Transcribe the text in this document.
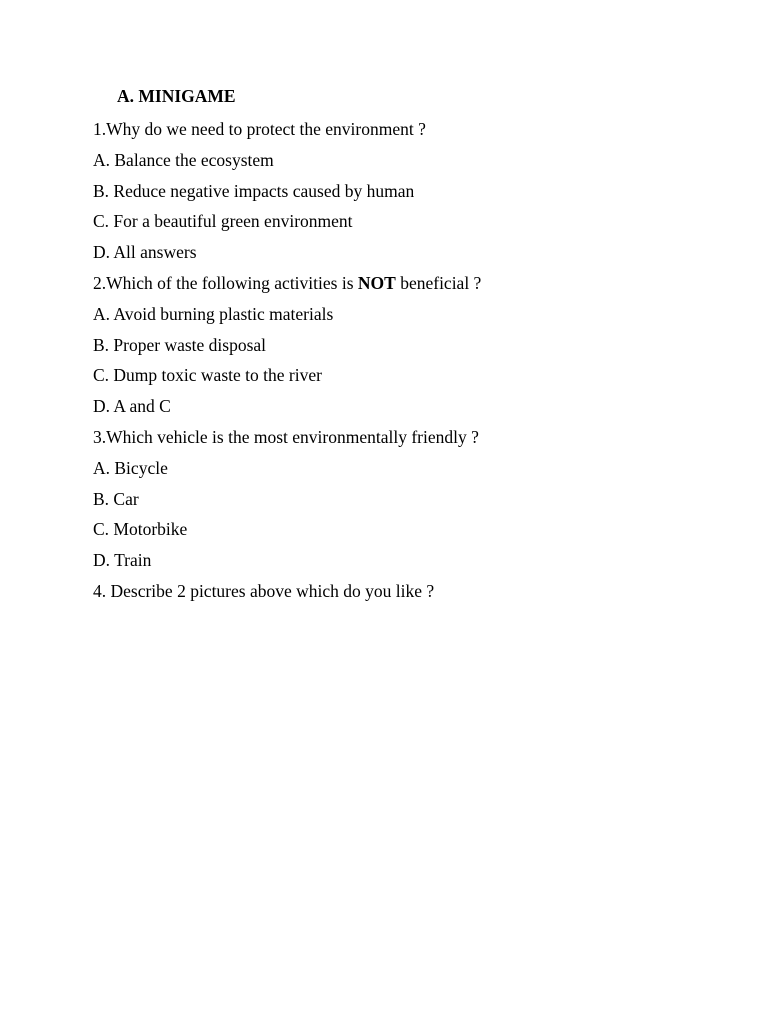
A. MINIGAME
1.Why do we need to protect the environment ?
A. Balance the ecosystem
B. Reduce negative impacts caused by human
C. For a beautiful green environment
D. All answers
2.Which of the following activities is NOT beneficial ?
A. Avoid burning plastic materials
B. Proper waste disposal
C. Dump toxic waste to the river
D. A and C
3.Which vehicle is the most environmentally friendly ?
A. Bicycle
B. Car
C. Motorbike
D. Train
4. Describe 2 pictures above which do you like ?
